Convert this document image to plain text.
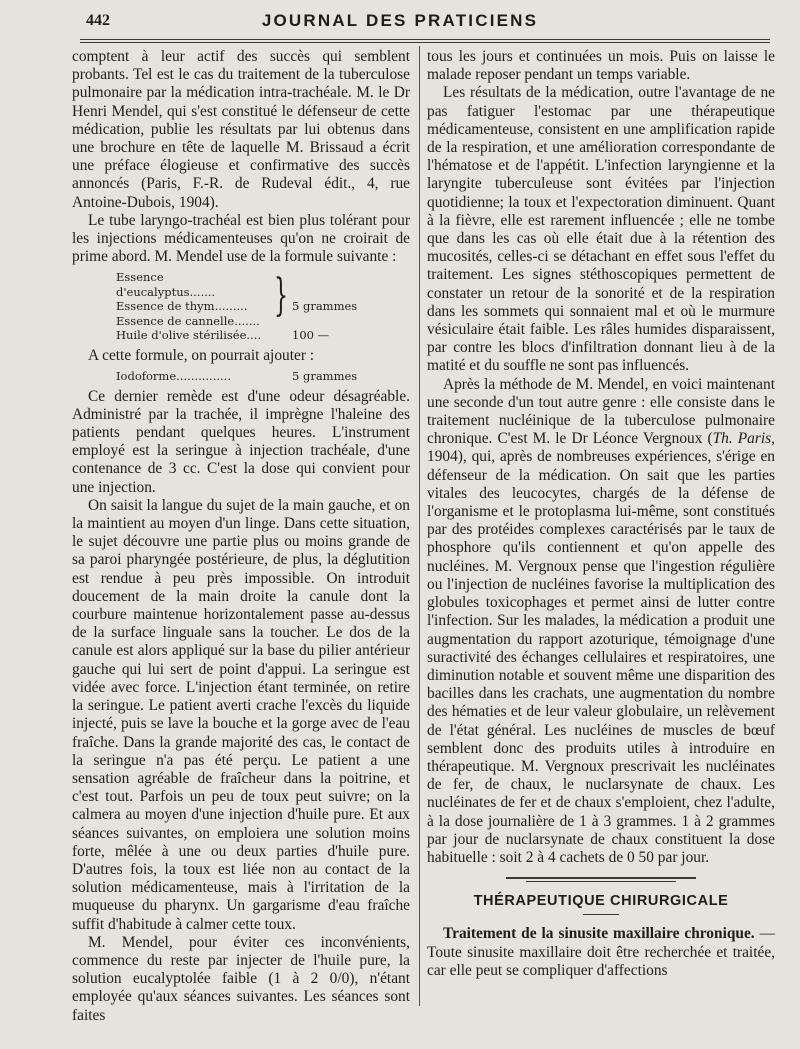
442	JOURNAL DES PRATICIENS

comptent à leur actif des succès qui semblent probants. Tel est le cas du traitement de la tuberculose pulmonaire par la médication intra-trachéale. M. le Dr Henri Mendel, qui s'est constitué le défenseur de cette médication, publie les résultats par lui obtenus dans une brochure en tête de laquelle M. Brissaud a écrit une préface élogieuse et confirmative des succès annoncés (Paris, F.-R. de Rudeval édit., 4, rue Antoine-Dubois, 1904).

Le tube laryngo-trachéal est bien plus tolérant pour les injections médicamenteuses qu'on ne croirait de prime abord. M. Mendel use de la formule suivante :

Essence d'eucalyptus.......
Essence de thym.........	5 grammes
Essence de cannelle.......
Huile d'olive stérilisée....	100 —
}

A cette formule, on pourrait ajouter :

Iodoforme...............	5 grammes

Ce dernier remède est d'une odeur désagréable. Administré par la trachée, il imprègne l'haleine des patients pendant quelques heures. L'instrument employé est la seringue à injection trachéale, d'une contenance de 3 cc. C'est la dose qui convient pour une injection.

On saisit la langue du sujet de la main gauche, et on la maintient au moyen d'un linge. Dans cette situation, le sujet découvre une partie plus ou moins grande de sa paroi pharyngée postérieure, de plus, la déglutition est rendue à peu près impossible. On introduit doucement de la main droite la canule dont la courbure maintenue horizontalement passe au-dessus de la surface linguale sans la toucher. Le dos de la canule est alors appliqué sur la base du pilier antérieur gauche qui lui sert de point d'appui. La seringue est vidée avec force. L'injection étant terminée, on retire la seringue. Le patient averti crache l'excès du liquide injecté, puis se lave la bouche et la gorge avec de l'eau fraîche. Dans la grande majorité des cas, le contact de la seringue n'a pas été perçu. Le patient a une sensation agréable de fraîcheur dans la poitrine, et c'est tout. Parfois un peu de toux peut suivre; on la calmera au moyen d'une injection d'huile pure. Et aux séances suivantes, on emploiera une solution moins forte, mêlée à une ou deux parties d'huile pure. D'autres fois, la toux est liée non au contact de la solution médicamenteuse, mais à l'irritation de la muqueuse du pharynx. Un gargarisme d'eau fraîche suffit d'habitude à calmer cette toux.

M. Mendel, pour éviter ces inconvénients, commence du reste par injecter de l'huile pure, la solution eucalyptolée faible (1 à 2 0/0), n'étant employée qu'aux séances suivantes. Les séances sont faites

tous les jours et continuées un mois. Puis on laisse le malade reposer pendant un temps variable.

Les résultats de la médication, outre l'avantage de ne pas fatiguer l'estomac par une thérapeutique médicamenteuse, consistent en une amplification rapide de la respiration, et une amélioration correspondante de l'hématose et de l'appétit. L'infection laryngienne et la laryngite tuberculeuse sont évitées par l'injection quotidienne; la toux et l'expectoration diminuent. Quant à la fièvre, elle est rarement influencée ; elle ne tombe que dans les cas où elle était due à la rétention des mucosités, celles-ci se détachant en effet sous l'effet du traitement. Les signes stéthoscopiques permettent de constater un retour de la sonorité et de la respiration dans les sommets qui sonnaient mal et où le murmure vésiculaire était faible. Les râles humides disparaissent, par contre les blocs d'infiltration donnant lieu à de la matité et du souffle ne sont pas influencés.

Après la méthode de M. Mendel, en voici maintenant une seconde d'un tout autre genre : elle consiste dans le traitement nucléinique de la tuberculose pulmonaire chronique. C'est M. le Dr Léonce Vergnoux (Th. Paris, 1904), qui, après de nombreuses expériences, s'érige en défenseur de la médication. On sait que les parties vitales des leucocytes, chargés de la défense de l'organisme et le protoplasma lui-même, sont constitués par des protéides complexes caractérisés par le taux de phosphore qu'ils contiennent et qu'on appelle des nucléines. M. Vergnoux pense que l'ingestion régulière ou l'injection de nucléines favorise la multiplication des globules toxicophages et permet ainsi de lutter contre l'infection. Sur les malades, la médication a produit une augmentation du rapport azoturique, témoignage d'une suractivité des échanges cellulaires et respiratoires, une diminution notable et souvent même une disparition des bacilles dans les crachats, une augmentation du nombre des hématies et de leur valeur globulaire, un relèvement de l'état général. Les nucléines de muscles de bœuf semblent donc des produits utiles à introduire en thérapeutique. M. Vergnoux prescrivait les nucléinates de fer, de chaux, le nuclarsynate de chaux. Les nucléinates de fer et de chaux s'emploient, chez l'adulte, à la dose journalière de 1 à 3 grammes. 1 à 2 grammes par jour de nuclarsynate de chaux constituent la dose habituelle : soit 2 à 4 cachets de 0 50 par jour.

THÉRAPEUTIQUE CHIRURGICALE

Traitement de la sinusite maxillaire chronique. — Toute sinusite maxillaire doit être recherchée et traitée, car elle peut se compliquer d'affections
